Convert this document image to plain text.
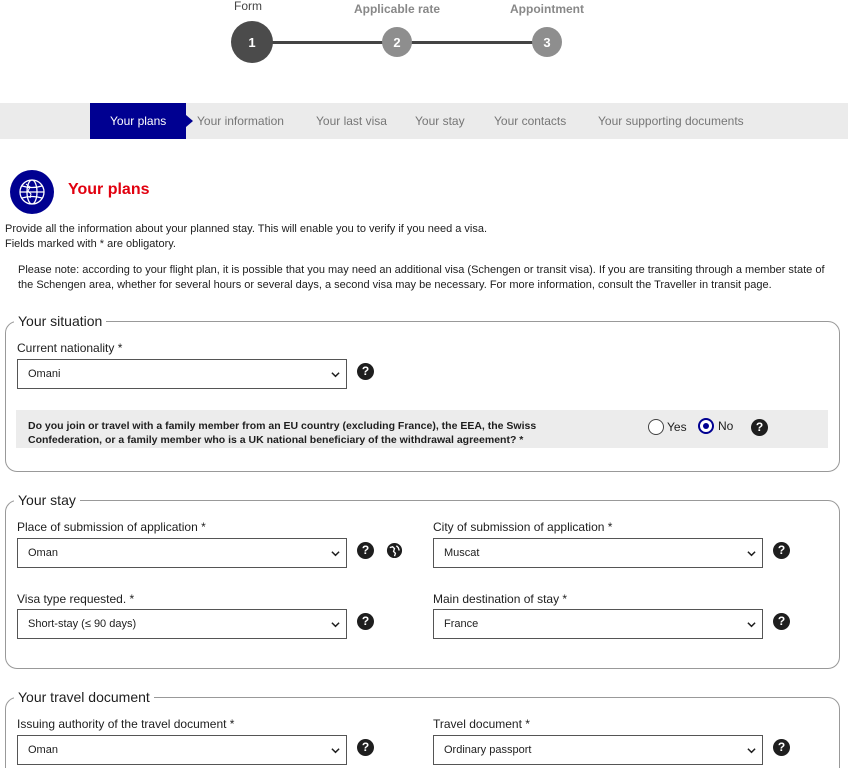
Form	Applicable rate	Appointment
1	2	3
Your plans	Your information	Your last visa Your stay Your contacts	Your supporting documents
Your plans
Provide all the information about your planned stay. This will enable you to verify if you need a visa.
Fields marked with * are obligatory.
Please note: according to your flight plan, it is possible that you may need an additional visa (Schengen or transit visa). If you are transiting through a member state of the Schengen area, whether for several hours or several days, a second visa may be necessary. For more information, consult the Traveller in transit page.
Your situation
Current nationality *
Omani	?
Do you join or travel with a family member from an EU country (excluding France), the EEA, the Swiss Confederation, or a family member who is a UK national beneficiary of the withdrawal agreement? *
Yes	No	?
Your stay
Place of submission of application *
Oman	?
City of submission of application *
Muscat	?
Visa type requested. *
Short-stay (≤ 90 days)	?
Main destination of stay *
France	?
Your travel document
Issuing authority of the travel document *
Oman	?
Travel document *
Ordinary passport	?
